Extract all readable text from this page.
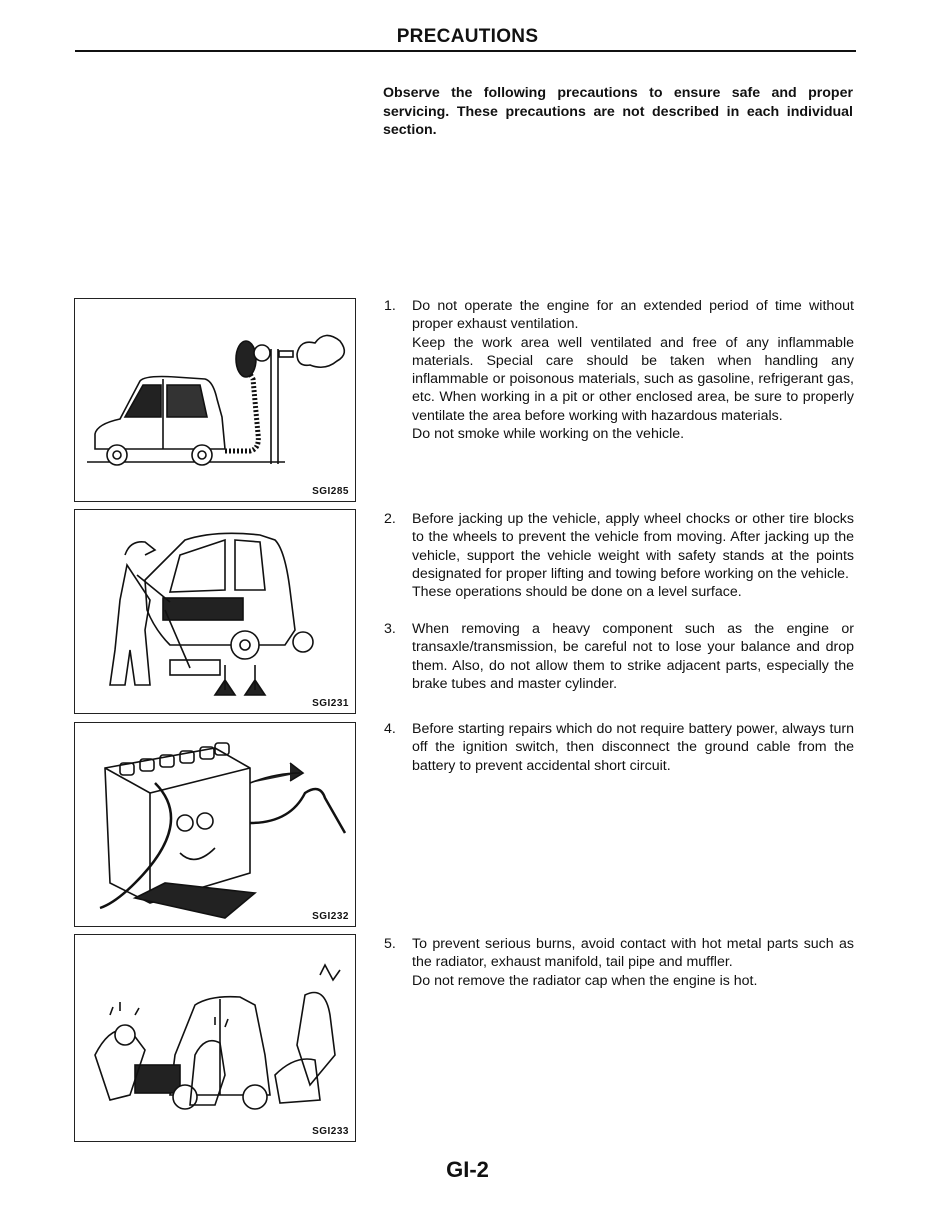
PRECAUTIONS
Observe the following precautions to ensure safe and proper servicing. These precautions are not described in each individual section.
SGI285
SGI231
SGI232
SGI233
1. Do not operate the engine for an extended period of time without proper exhaust ventilation.

Keep the work area well ventilated and free of any inflammable materials. Special care should be taken when handling any inflammable or poisonous materials, such as gasoline, refrigerant gas, etc. When working in a pit or other enclosed area, be sure to properly ventilate the area before working with hazardous materials.

Do not smoke while working on the vehicle.

2. Before jacking up the vehicle, apply wheel chocks or other tire blocks to the wheels to prevent the vehicle from moving. After jacking up the vehicle, support the vehicle weight with safety stands at the points designated for proper lifting and towing before working on the vehicle.

These operations should be done on a level surface.

3. When removing a heavy component such as the engine or transaxle/transmission, be careful not to lose your balance and drop them. Also, do not allow them to strike adjacent parts, especially the brake tubes and master cylinder.

4. Before starting repairs which do not require battery power, always turn off the ignition switch, then disconnect the ground cable from the battery to prevent accidental short circuit.

5. To prevent serious burns, avoid contact with hot metal parts such as the radiator, exhaust manifold, tail pipe and muffler.

Do not remove the radiator cap when the engine is hot.

GI-2
